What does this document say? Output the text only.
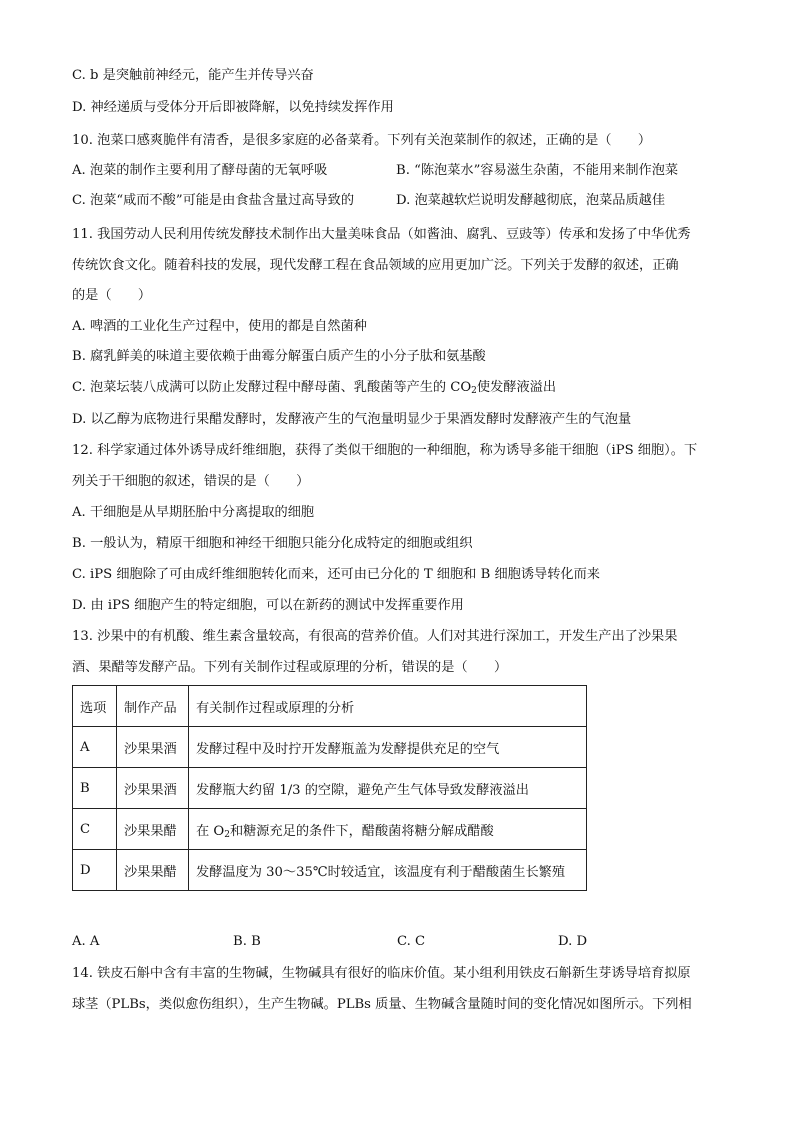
C. b 是突触前神经元，能产生并传导兴奋
D. 神经递质与受体分开后即被降解，以免持续发挥作用
10. 泡菜口感爽脆伴有清香，是很多家庭的必备菜肴。下列有关泡菜制作的叙述，正确的是（　　）
A. 泡菜的制作主要利用了酵母菌的无氧呼吸	B. “陈泡菜水”容易滋生杂菌，不能用来制作泡菜
C. 泡菜“咸而不酸”可能是由食盐含量过高导致的	D. 泡菜越软烂说明发酵越彻底，泡菜品质越佳
11. 我国劳动人民利用传统发酵技术制作出大量美味食品（如酱油、腐乳、豆豉等）传承和发扬了中华优秀
传统饮食文化。随着科技的发展，现代发酵工程在食品领域的应用更加广泛。下列关于发酵的叙述，正确
的是（　　）
A. 啤酒的工业化生产过程中，使用的都是自然菌种
B. 腐乳鲜美的味道主要依赖于曲霉分解蛋白质产生的小分子肽和氨基酸
C. 泡菜坛装八成满可以防止发酵过程中酵母菌、乳酸菌等产生的 $CO_2$使发酵液溢出
D. 以乙醇为底物进行果醋发酵时，发酵液产生的气泡量明显少于果酒发酵时发酵液产生的气泡量
12. 科学家通过体外诱导成纤维细胞，获得了类似干细胞的一种细胞，称为诱导多能干细胞（iPS 细胞）。下
列关于干细胞的叙述，错误的是（　　）
A. 干细胞是从早期胚胎中分离提取的细胞
B. 一般认为，精原干细胞和神经干细胞只能分化成特定的细胞或组织
C. iPS 细胞除了可由成纤维细胞转化而来，还可由已分化的 T 细胞和 B 细胞诱导转化而来
D. 由 iPS 细胞产生的特定细胞，可以在新药的测试中发挥重要作用
13. 沙果中的有机酸、维生素含量较高，有很高的营养价值。人们对其进行深加工，开发生产出了沙果果
酒、果醋等发酵产品。下列有关制作过程或原理的分析，错误的是（　　）
选项	制作产品	有关制作过程或原理的分析
A	沙果果酒	发酵过程中及时拧开发酵瓶盖为发酵提供充足的空气
B	沙果果酒	发酵瓶大约留 1/3 的空隙，避免产生气体导致发酵液溢出
C	沙果果醋	在 $O_2$和糖源充足的条件下，醋酸菌将糖分解成醋酸
D	沙果果醋	发酵温度为 30～35℃时较适宜，该温度有利于醋酸菌生长繁殖
A. A	B. B	C. C	D. D
14. 铁皮石斛中含有丰富的生物碱，生物碱具有很好的临床价值。某小组利用铁皮石斛新生芽诱导培育拟原
球茎（PLBs，类似愈伤组织），生产生物碱。PLBs 质量、生物碱含量随时间的变化情况如图所示。下列相
